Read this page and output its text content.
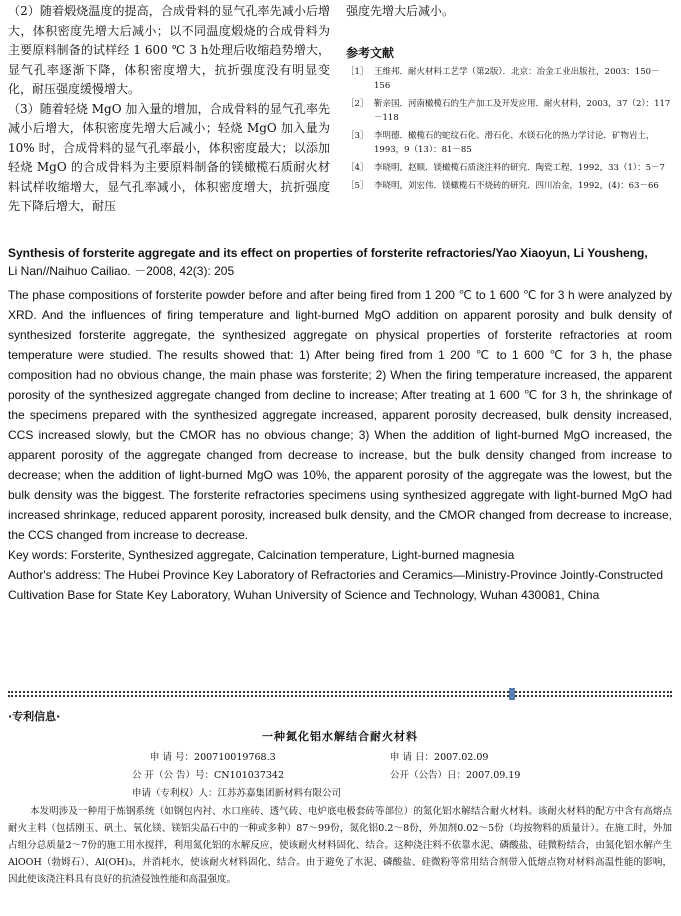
（2）随着煅烧温度的提高，合成骨料的显气孔率先减小后增大，体积密度先增大后减小；以不同温度煅烧的合成骨料为主要原料制备的试样经 1 600 ℃ 3 h处理后收缩趋势增大，显气孔率逐渐下降，体积密度增大，抗折强度没有明显变化，耐压强度缓慢增大。

（3）随着轻烧 MgO 加入量的增加，合成骨料的显气孔率先减小后增大，体积密度先增大后减小；轻烧 MgO 加入量为 10% 时，合成骨料的显气孔率最小，体积密度最大；以添加轻烧 MgO 的合成骨料为主要原料制备的镁橄榄石质耐火材料试样收缩增大，显气孔率减小，体积密度增大，抗折强度先下降后增大，耐压

强度先增大后减小。
参考文献
［1］ 王维邦．耐火材料工艺学（第2版）．北京：冶金工业出版社，2003：150－156
［2］ 靳亲国．河南橄榄石的生产加工及开发应用．耐火材料，2003，37（2）：117－118
［3］ 李明德．橄榄石的蛇纹石化、滑石化、水镁石化的热力学讨论．矿物岩土，1993，9（13）：81－85
［4］ 李晓明，赵顺．镁橄榄石质浇注料的研究．陶瓷工程，1992，33（1）：5－7
［5］ 李晓明，刘宏伟．镁橄榄石不烧砖的研究．四川冶金，1992，(4)：63－66
Synthesis of forsterite aggregate and its effect on properties of forsterite refractories/Yao Xiaoyun, Li Yousheng,
Li Nan//Naihuo Cailiao. －2008, 42(3): 205

The phase compositions of forsterite powder before and after being fired from 1 200 ℃ to 1 600 ℃ for 3 h were analyzed by XRD. And the influences of firing temperature and light-burned MgO addition on apparent porosity and bulk density of synthesized forsterite aggregate, the synthesized aggregate on physical properties of forsterite refractories at room temperature were studied. The results showed that: 1) After being fired from 1 200 ℃ to 1 600 ℃ for 3 h, the phase composition had no obvious change, the main phase was forsterite; 2) When the firing temperature increased, the apparent porosity of the synthesized aggregate changed from decline to increase; After treating at 1 600 ℃ for 3 h, the shrinkage of the specimens prepared with the synthesized aggregate increased, apparent porosity decreased, bulk density increased, CCS increased slowly, but the CMOR has no obvious change; 3) When the addition of light-burned MgO increased, the apparent porosity of the aggregate changed from decrease to increase, but the bulk density changed from increase to decrease; when the addition of light-burned MgO was 10%, the apparent porosity of the aggregate was the lowest, but the bulk density was the biggest. The forsterite refractories specimens using synthesized aggregate with light-burned MgO had increased shrinkage, reduced apparent porosity, increased bulk density, and the CMOR changed from decrease to increase, the CCS changed from increase to decrease.

Key words: Forsterite, Synthesized aggregate, Calcination temperature, Light-burned magnesia
Author's address: The Hubei Province Key Laboratory of Refractories and Ceramics—Ministry-Province Jointly-Constructed Cultivation Base for State Key Laboratory, Wuhan University of Science and Technology, Wuhan 430081, China
·专利信息·
一种氮化铝水解结合耐火材料
申 请 号：200710019768.3	申 请 日：2007.02.09
公 开（公 告）号：CN101037342	公开（公告）日：2007.09.19
申请（专利权）人：江苏苏嘉集团新材料有限公司

本发明涉及一种用于炼钢系统（如钢包内衬、水口座砖、透气砖、电炉底电极套砖等部位）的氮化铝水解结合耐火材料。该耐火材料的配方中含有高熔点耐火主料（包括刚玉、矾土、氧化镁、镁铝尖晶石中的一种或多种）87～99份，氮化铝0.2～8份，外加剂0.02～5份（均按物料的质量计）。在施工时，外加占组分总质量2～7份的施工用水搅拌，利用氮化铝的水解反应，使该耐火材料固化、结合。这种浇注料不依靠水泥、磷酸盐、硅微粉结合，由氮化铝水解产生 AlOOH（勃姆石）、Al(OH)₃，并消耗水，使该耐火材料固化、结合。由于避免了水泥、磷酸盐、硅微粉等常用结合剂带入低熔点物对材料高温性能的影响，因此使该浇注料具有良好的抗渣侵蚀性能和高温强度。
